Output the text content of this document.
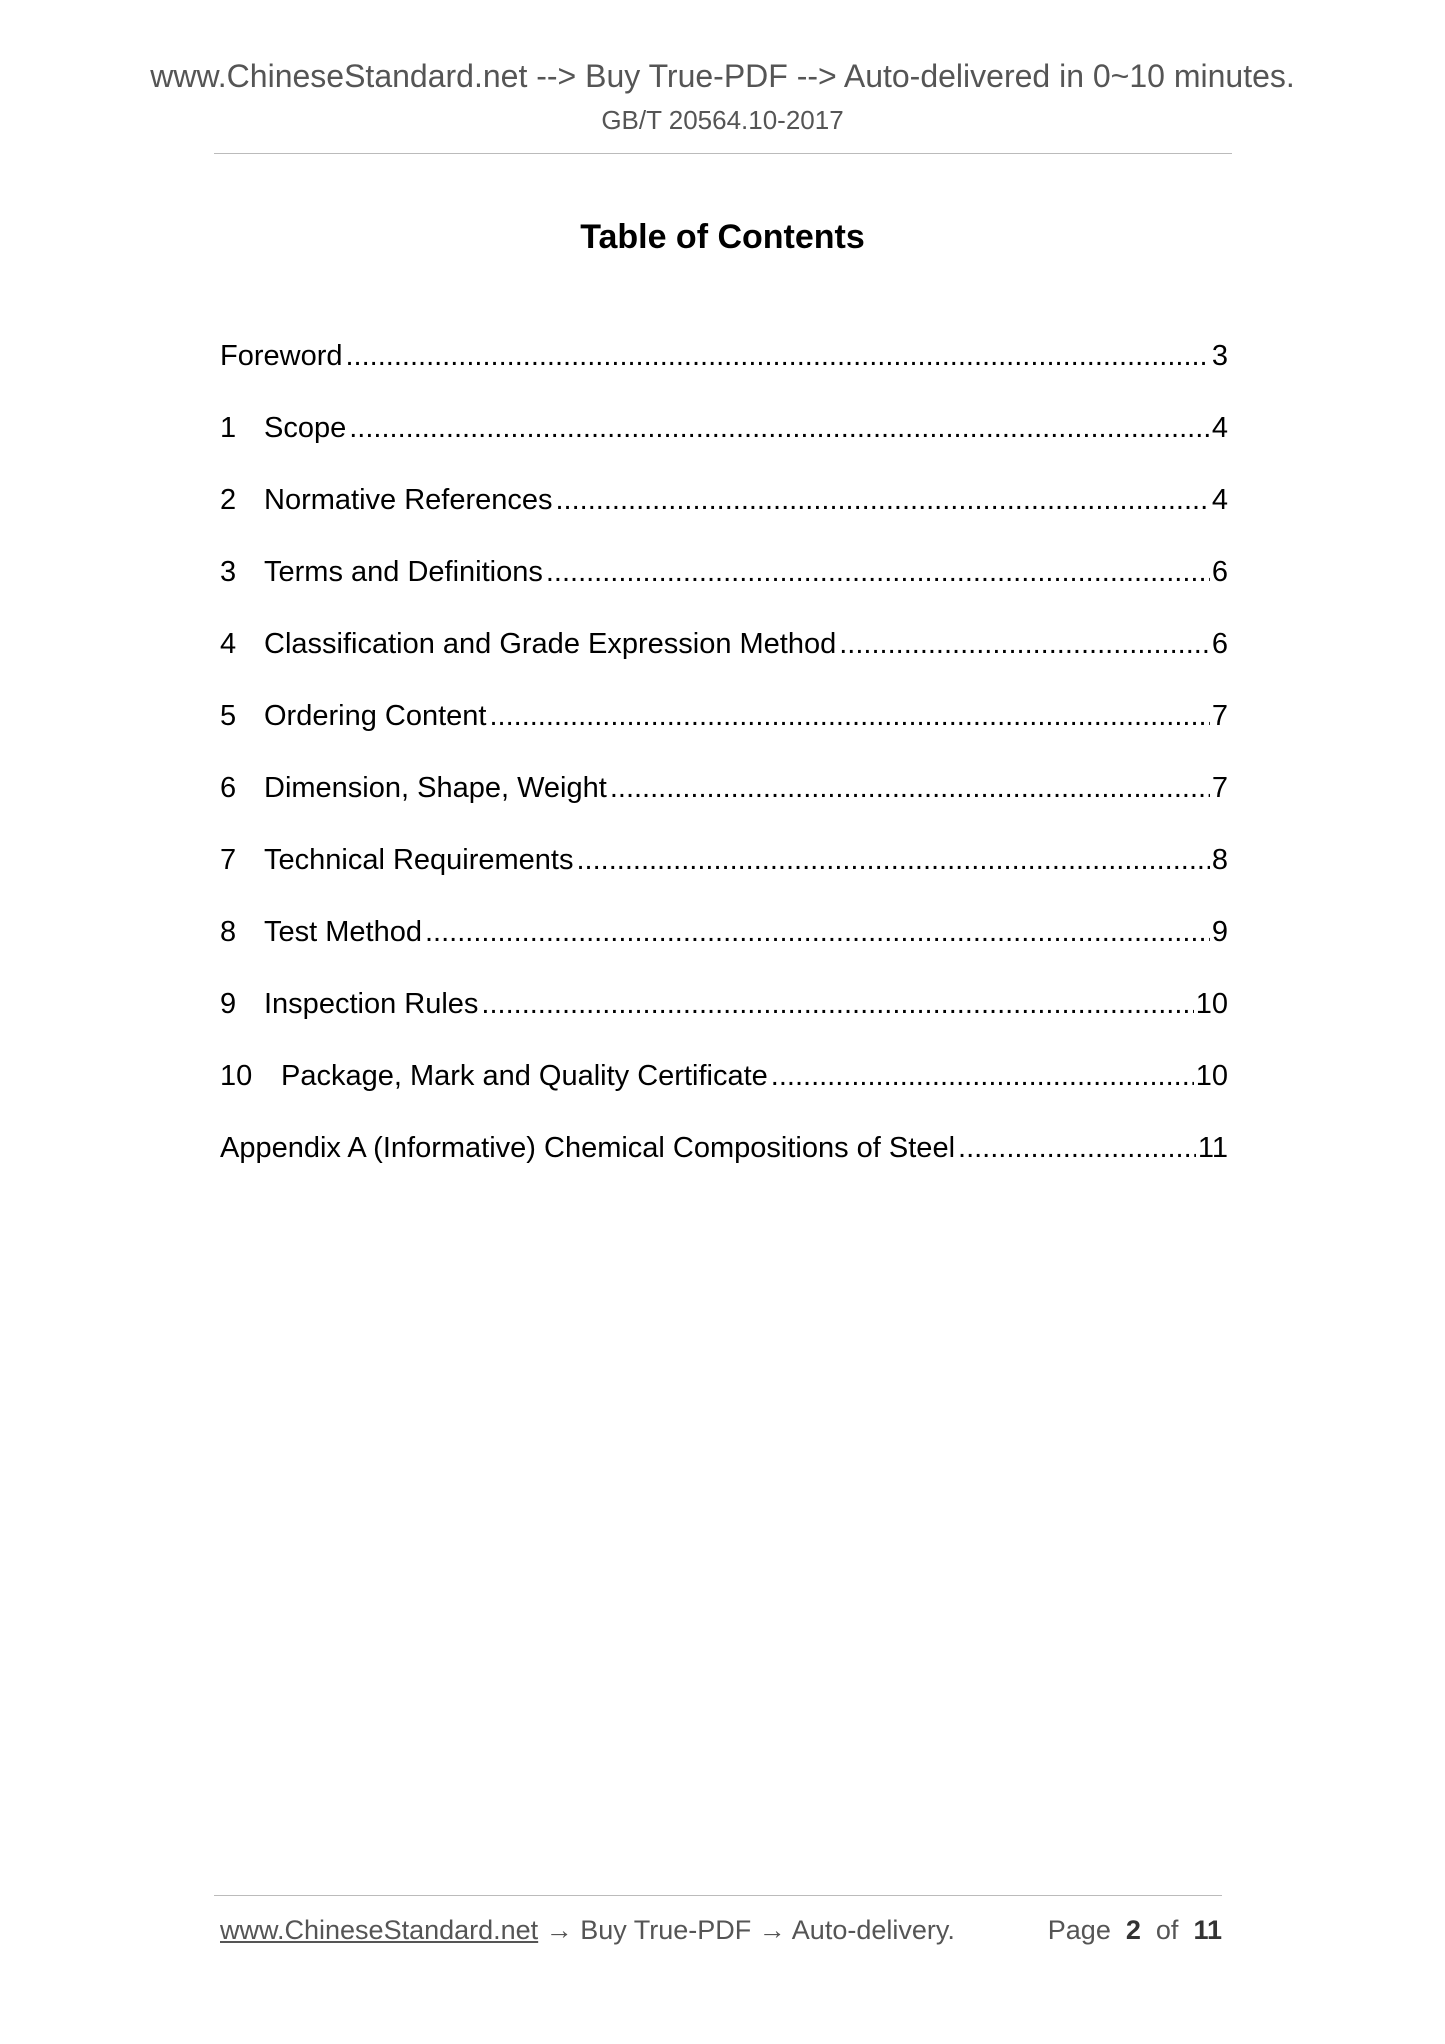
www.ChineseStandard.net --> Buy True-PDF --> Auto-delivered in 0~10 minutes.
GB/T 20564.10-2017
Table of Contents
Foreword .....	3
1 Scope .....	4
2 Normative References .....	4
3 Terms and Definitions .....	6
4 Classification and Grade Expression Method .....	6
5 Ordering Content .....	7
6 Dimension, Shape, Weight .....	7
7 Technical Requirements .....	8
8 Test Method .....	9
9 Inspection Rules .....	10
10 Package, Mark and Quality Certificate .....	10
Appendix A (Informative) Chemical Compositions of Steel .....	11
www.ChineseStandard.net → Buy True-PDF → Auto-delivery.	Page 2 of 11
